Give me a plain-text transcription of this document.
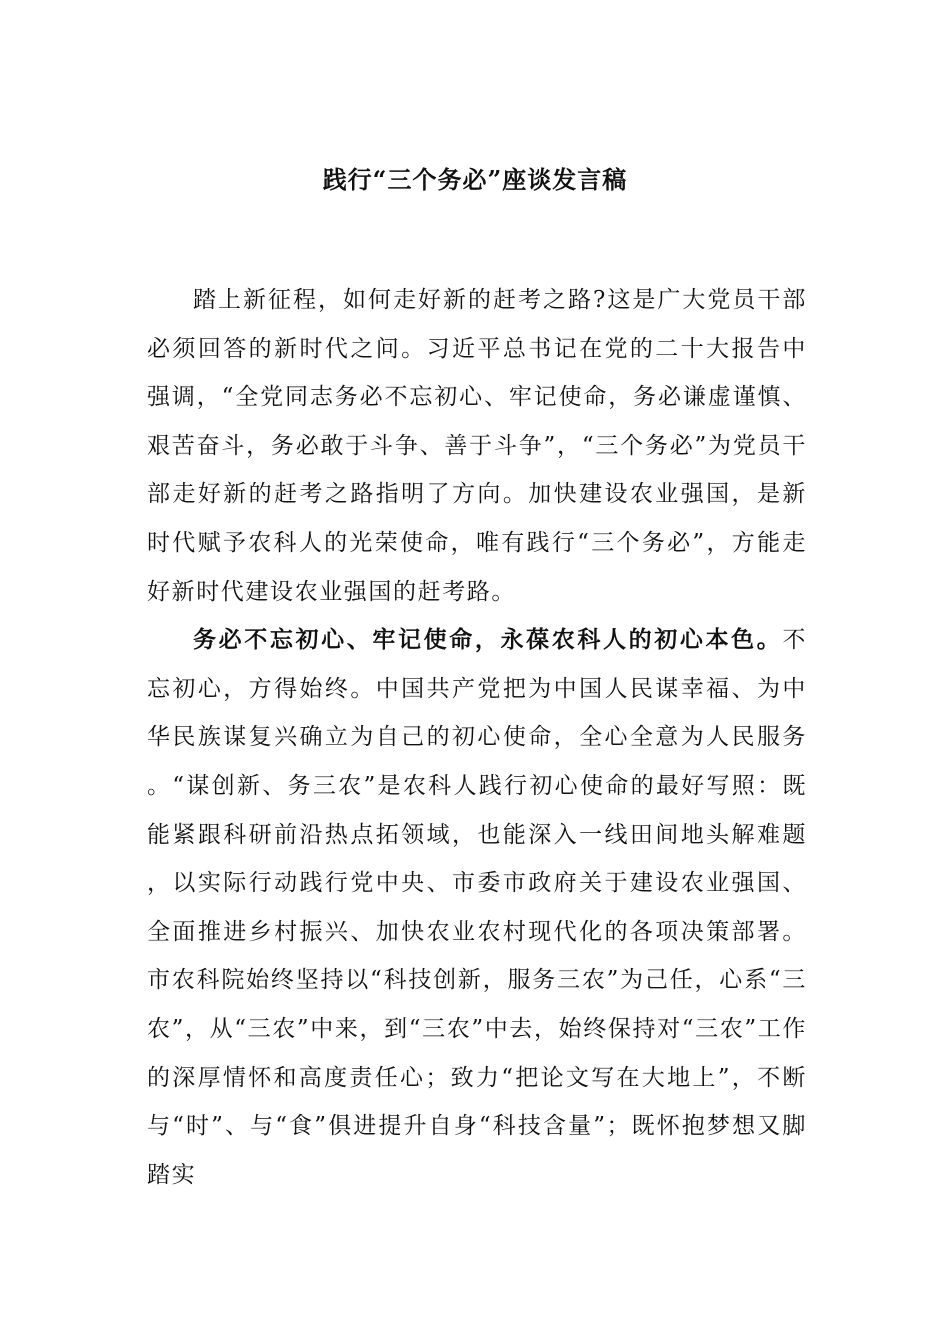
践行“三个务必”座谈发言稿

踏上新征程，如何走好新的赶考之路?这是广大党员干部必须回答的新时代之问。习近平总书记在党的二十大报告中强调，“全党同志务必不忘初心、牢记使命，务必谦虚谨慎、艰苦奋斗，务必敢于斗争、善于斗争”，“三个务必”为党员干部走好新的赶考之路指明了方向。加快建设农业强国，是新时代赋予农科人的光荣使命，唯有践行“三个务必”，方能走好新时代建设农业强国的赶考路。

务必不忘初心、牢记使命，永葆农科人的初心本色。不忘初心，方得始终。中国共产党把为中国人民谋幸福、为中华民族谋复兴确立为自己的初心使命，全心全意为人民服务。“谋创新、务三农”是农科人践行初心使命的最好写照：既能紧跟科研前沿热点拓领域，也能深入一线田间地头解难题，以实际行动践行党中央、市委市政府关于建设农业强国、全面推进乡村振兴、加快农业农村现代化的各项决策部署。市农科院始终坚持以“科技创新，服务三农”为己任，心系“三农”，从“三农”中来，到“三农”中去，始终保持对“三农”工作的深厚情怀和高度责任心；致力“把论文写在大地上”，不断与“时”、与“食”俱进提升自身“科技含量”；既怀抱梦想又脚踏实
